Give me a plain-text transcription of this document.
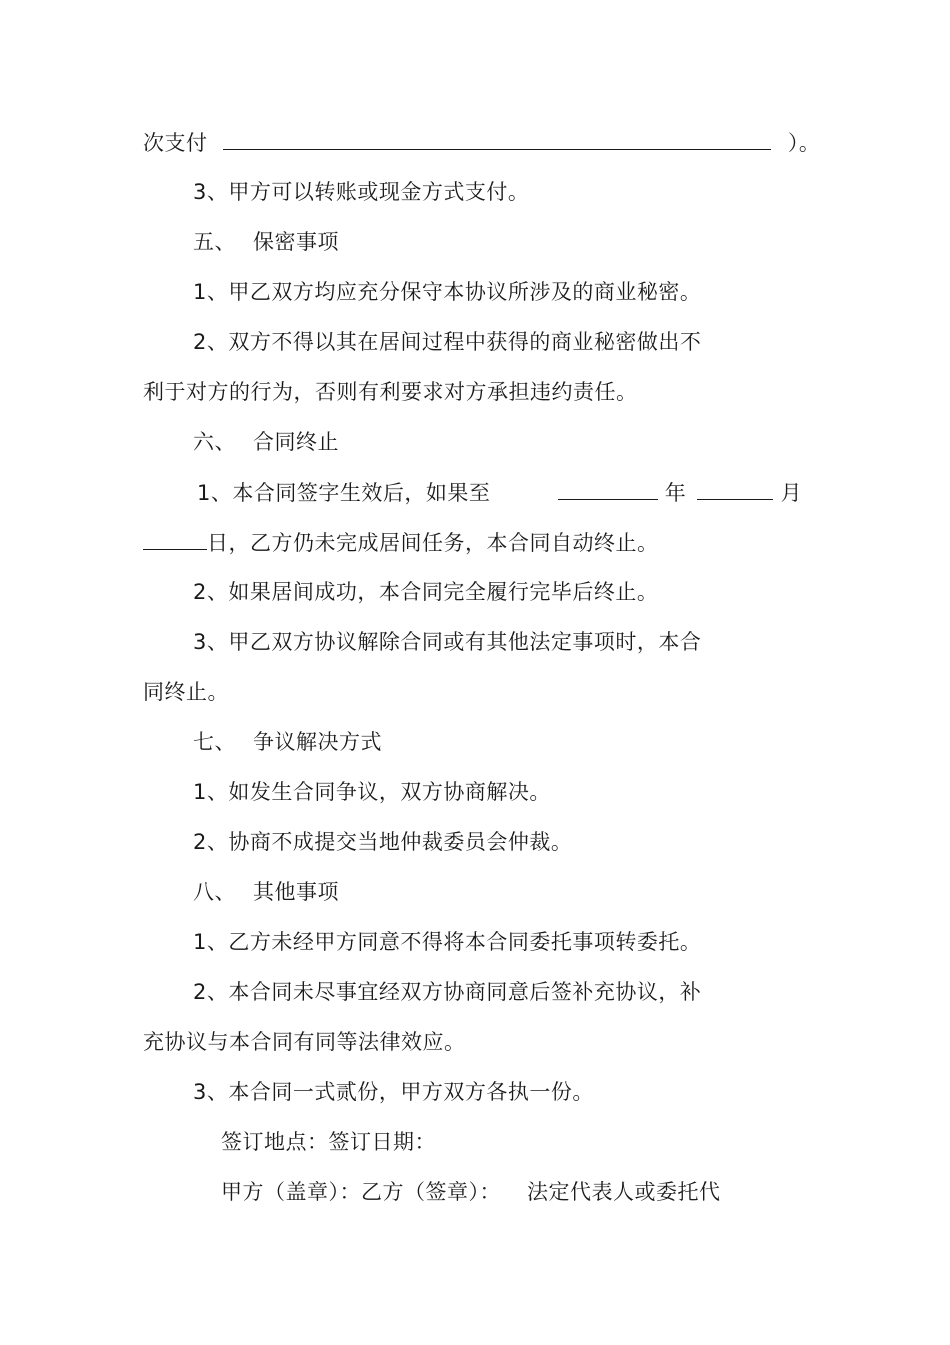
次支付	）。
3、甲方可以转账或现金方式支付。
五、 保密事项
1、甲乙双方均应充分保守本协议所涉及的商业秘密。
2、双方不得以其在居间过程中获得的商业秘密做出不
利于对方的行为，否则有利要求对方承担违约责任。
六、 合同终止
1、本合同签字生效后，如果至	年	月
日，乙方仍未完成居间任务，本合同自动终止。
2、如果居间成功，本合同完全履行完毕后终止。
3、甲乙双方协议解除合同或有其他法定事项时，本合
同终止。
七、 争议解决方式
1、如发生合同争议，双方协商解决。
2、协商不成提交当地仲裁委员会仲裁。
八、 其他事项
1、乙方未经甲方同意不得将本合同委托事项转委托。
2、本合同未尽事宜经双方协商同意后签补充协议，补
充协议与本合同有同等法律效应。
3、本合同一式贰份，甲方双方各执一份。
签订地点：签订日期：
甲方（盖章）：乙方（签章）： 法定代表人或委托代
